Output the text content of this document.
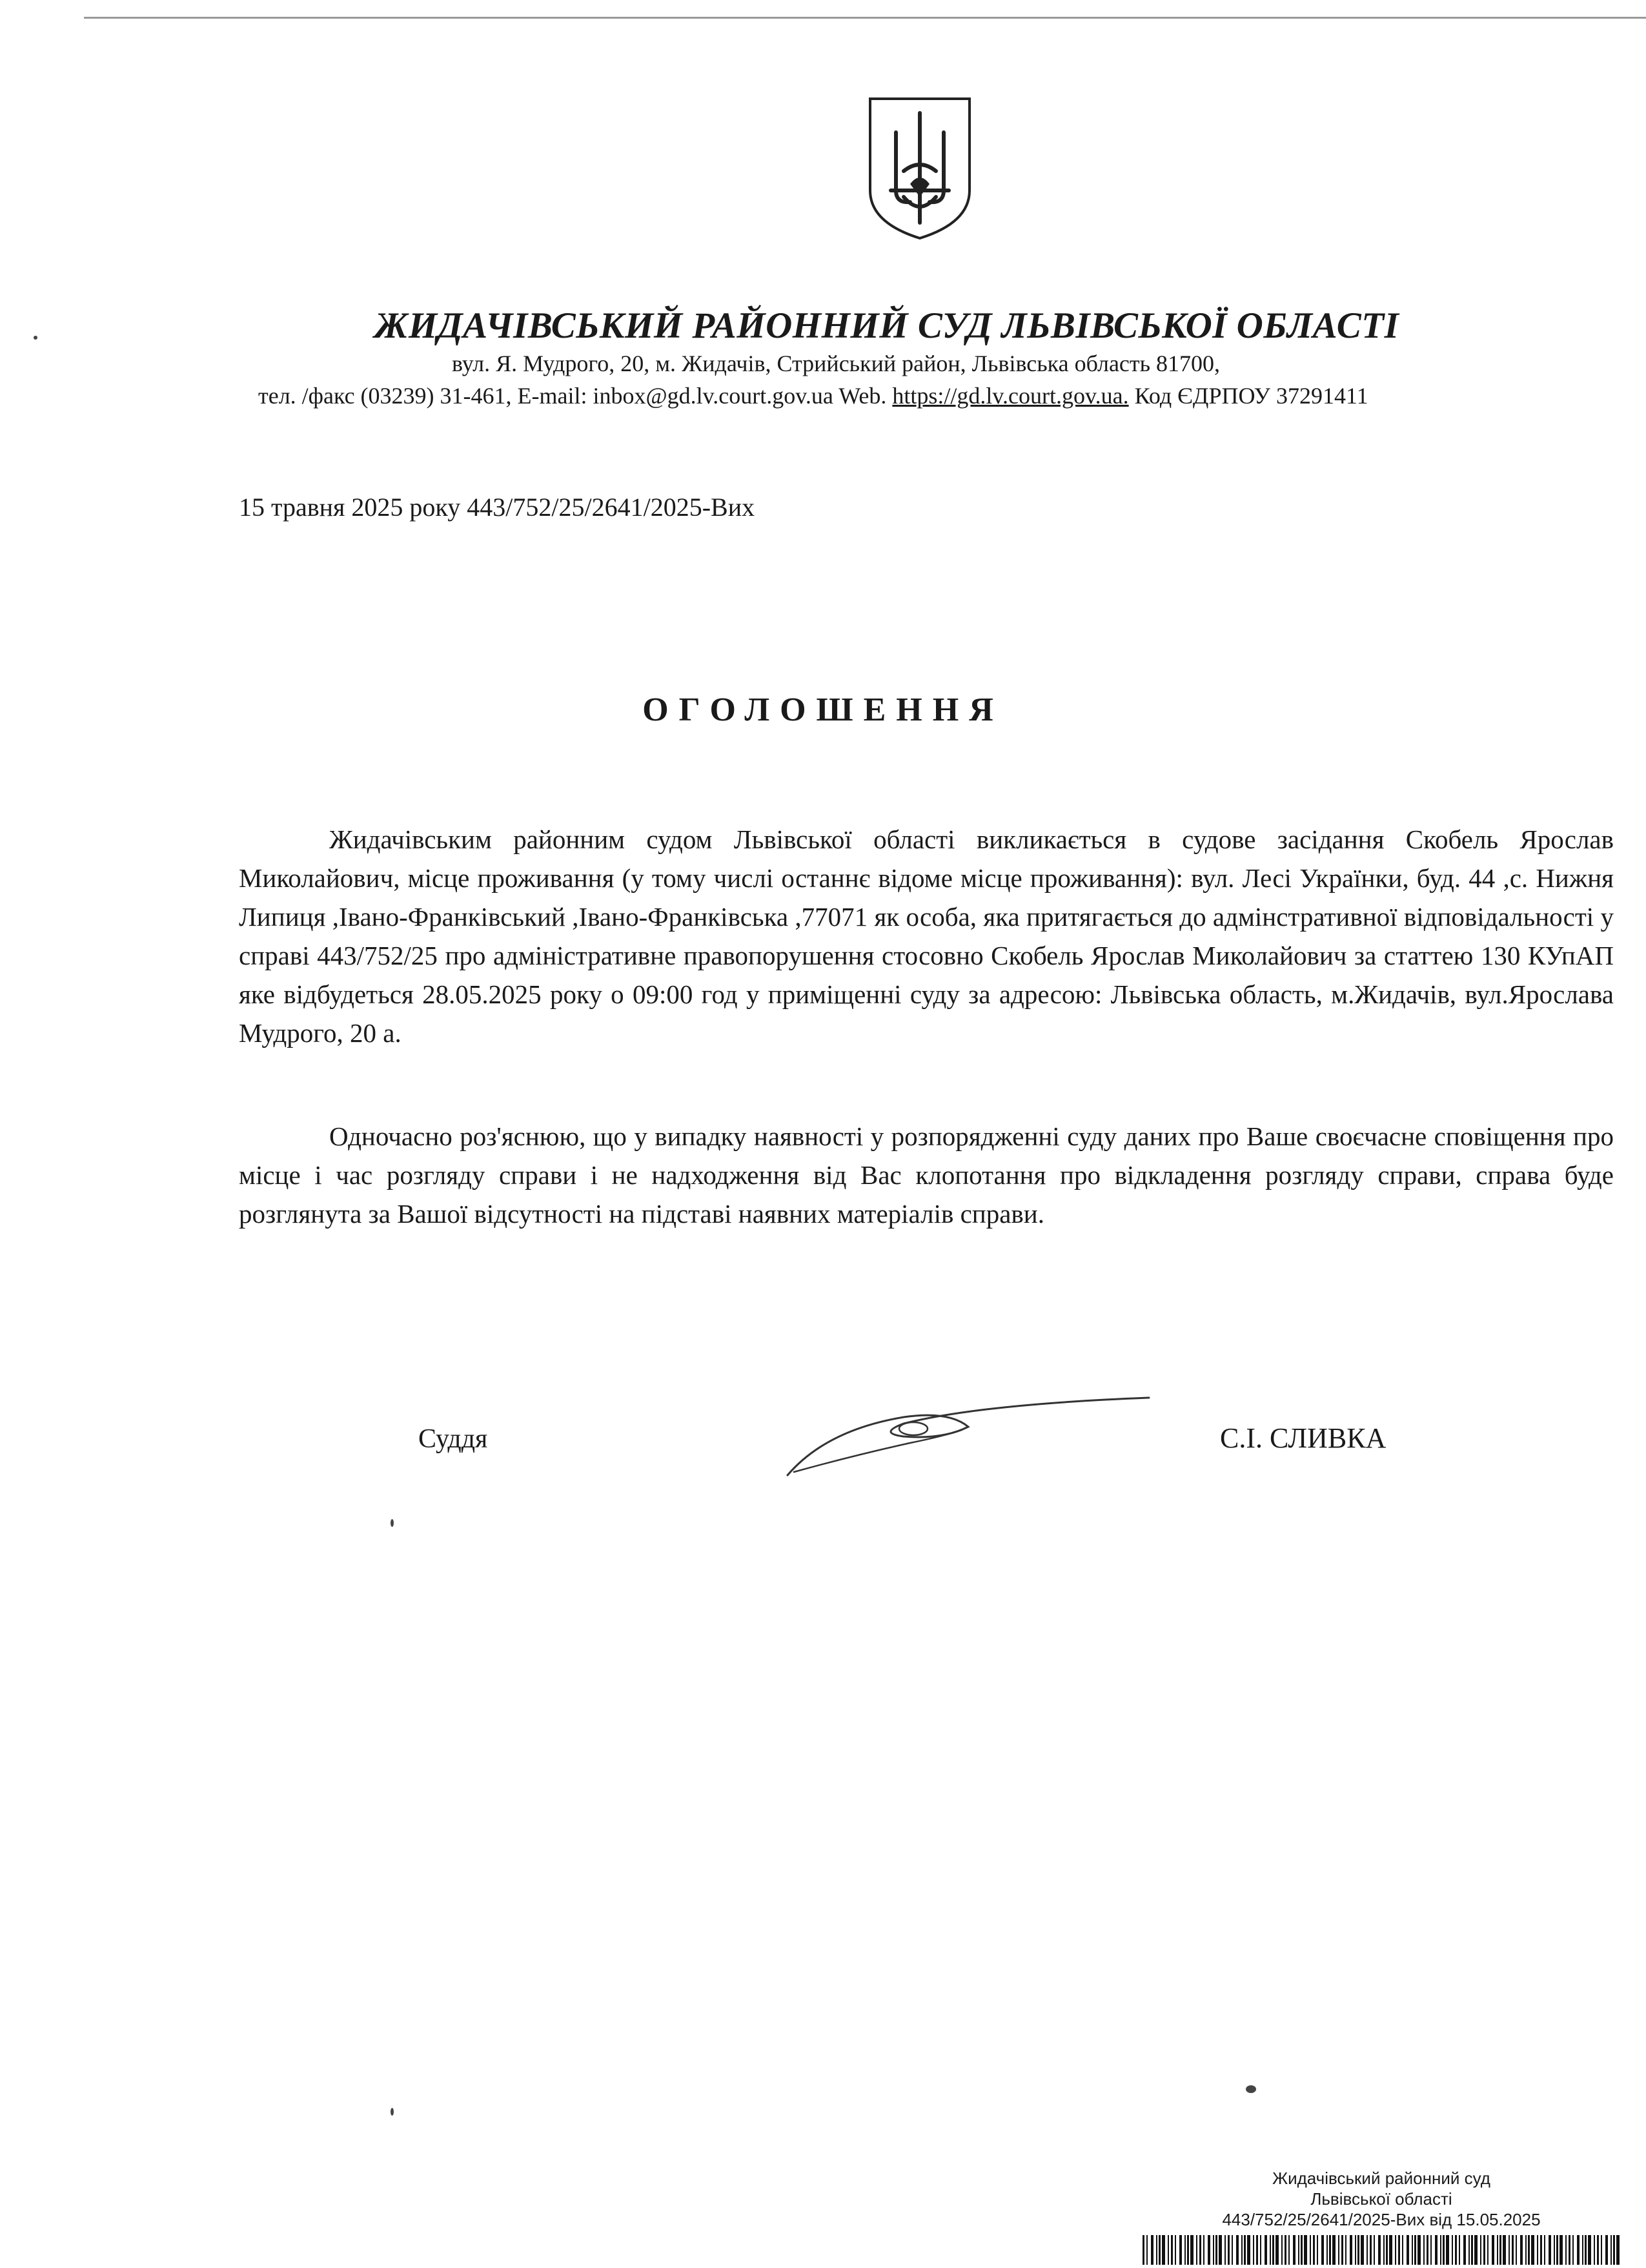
ЖИДАЧІВСЬКИЙ РАЙОННИЙ СУД ЛЬВІВСЬКОЇ ОБЛАСТІ
вул. Я. Мудрого, 20, м. Жидачів, Стрийський район, Львівська область 81700,
тел. /факс (03239) 31-461, E-mail: inbox@gd.lv.court.gov.ua Web. https://gd.lv.court.gov.ua. Код ЄДРПОУ 37291411
15 травня 2025 року 443/752/25/2641/2025-Вих
ОГОЛОШЕННЯ

Жидачівським районним судом Львівської області викликається в судове засідання Скобель Ярослав Миколайович, місце проживання (у тому числі останнє відоме місце проживання): вул. Лесі Українки, буд. 44 ,с. Нижня Липиця ,Івано-Франківський ,Івано-Франківська ,77071 як особа, яка притягається до адмінстративної відповідальності у справі 443/752/25 про адміністративне правопорушення стосовно Скобель Ярослав Миколайович за статтею 130 КУпАП яке відбудеться 28.05.2025 року о 09:00 год у приміщенні суду за адресою: Львівська область, м.Жидачів, вул.Ярослава Мудрого, 20 а.

Одночасно роз'яснюю, що у випадку наявності у розпорядженні суду даних про Ваше своєчасне сповіщення про місце і час розгляду справи і не надходження від Вас клопотання про відкладення розгляду справи, справа буде розглянута за Вашої відсутності на підставі наявних матеріалів справи.

Суддя	С.І. СЛИВКА
Жидачівський районний суд
Львівської області
443/752/25/2641/2025-Вих від 15.05.2025
